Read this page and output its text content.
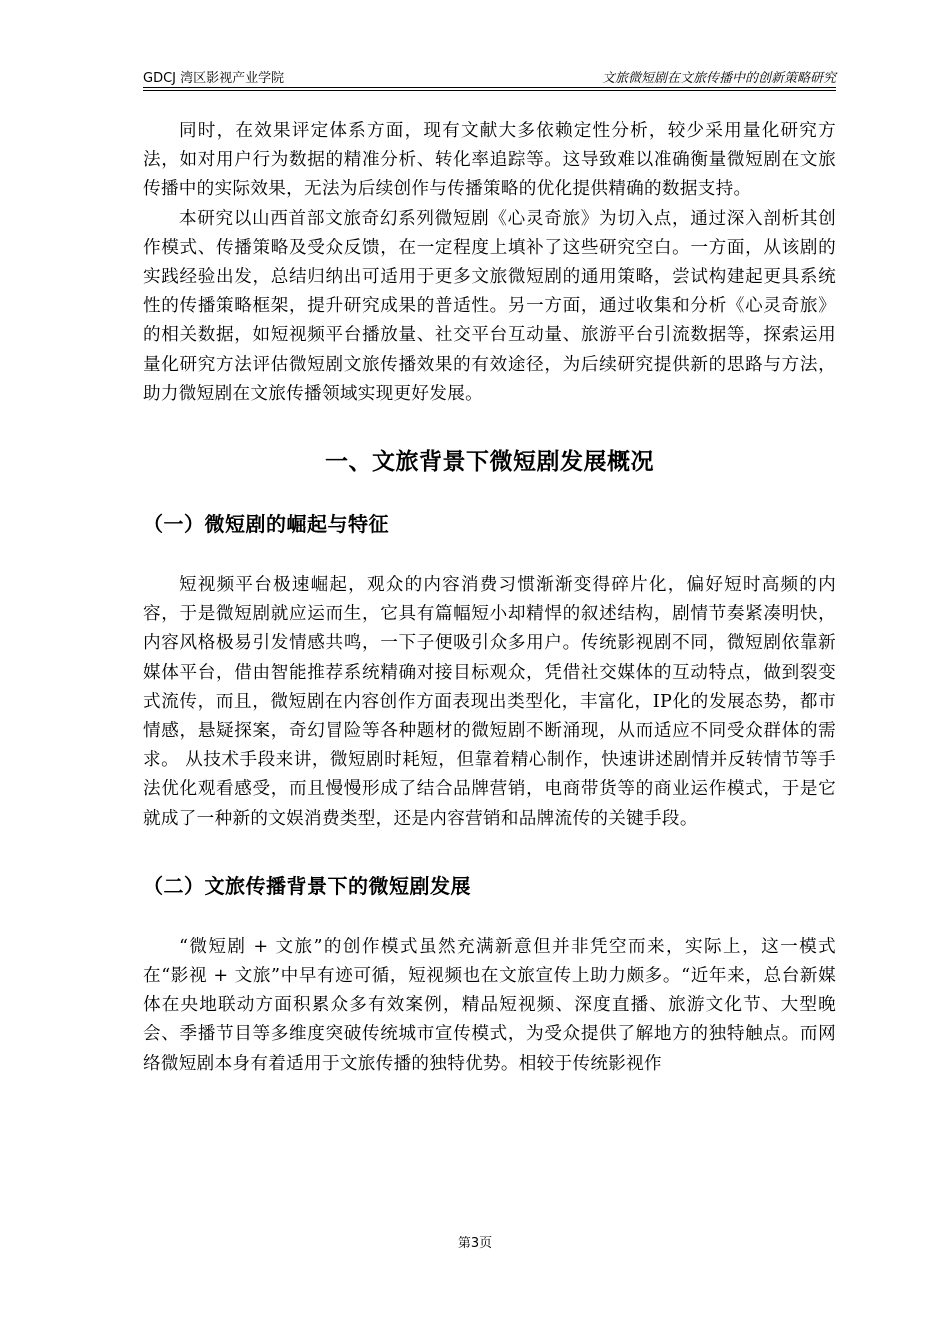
GDCJ 湾区影视产业学院	文旅微短剧在文旅传播中的创新策略研究

同时，在效果评定体系方面，现有文献大多依赖定性分析，较少采用量化研究方法，如对用户行为数据的精准分析、转化率追踪等。这导致难以准确衡量微短剧在文旅传播中的实际效果，无法为后续创作与传播策略的优化提供精确的数据支持。

本研究以山西首部文旅奇幻系列微短剧《心灵奇旅》为切入点，通过深入剖析其创作模式、传播策略及受众反馈，在一定程度上填补了这些研究空白。一方面，从该剧的实践经验出发，总结归纳出可适用于更多文旅微短剧的通用策略，尝试构建起更具系统性的传播策略框架，提升研究成果的普适性。另一方面，通过收集和分析《心灵奇旅》的相关数据，如短视频平台播放量、社交平台互动量、旅游平台引流数据等，探索运用量化研究方法评估微短剧文旅传播效果的有效途径，为后续研究提供新的思路与方法，助力微短剧在文旅传播领域实现更好发展。

一、文旅背景下微短剧发展概况
（一）微短剧的崛起与特征

短视频平台极速崛起，观众的内容消费习惯渐渐变得碎片化，偏好短时高频的内容，于是微短剧就应运而生，它具有篇幅短小却精悍的叙述结构，剧情节奏紧凑明快，内容风格极易引发情感共鸣，一下子便吸引众多用户。传统影视剧不同，微短剧依靠新媒体平台，借由智能推荐系统精确对接目标观众，凭借社交媒体的互动特点，做到裂变式流传，而且，微短剧在内容创作方面表现出类型化，丰富化，IP化的发展态势，都市情感，悬疑探案，奇幻冒险等各种题材的微短剧不断涌现，从而适应不同受众群体的需求。 从技术手段来讲，微短剧时耗短，但靠着精心制作，快速讲述剧情并反转情节等手法优化观看感受，而且慢慢形成了结合品牌营销，电商带货等的商业运作模式，于是它就成了一种新的文娱消费类型，还是内容营销和品牌流传的关键手段。

（二）文旅传播背景下的微短剧发展

“微短剧 + 文旅”的创作模式虽然充满新意但并非凭空而来，实际上，这一模式在“影视 + 文旅”中早有迹可循，短视频也在文旅宣传上助力颇多。“近年来，总台新媒体在央地联动方面积累众多有效案例，精品短视频、深度直播、旅游文化节、大型晚会、季播节目等多维度突破传统城市宣传模式，为受众提供了解地方的独特触点。而网络微短剧本身有着适用于文旅传播的独特优势。相较于传统影视作

第3页
